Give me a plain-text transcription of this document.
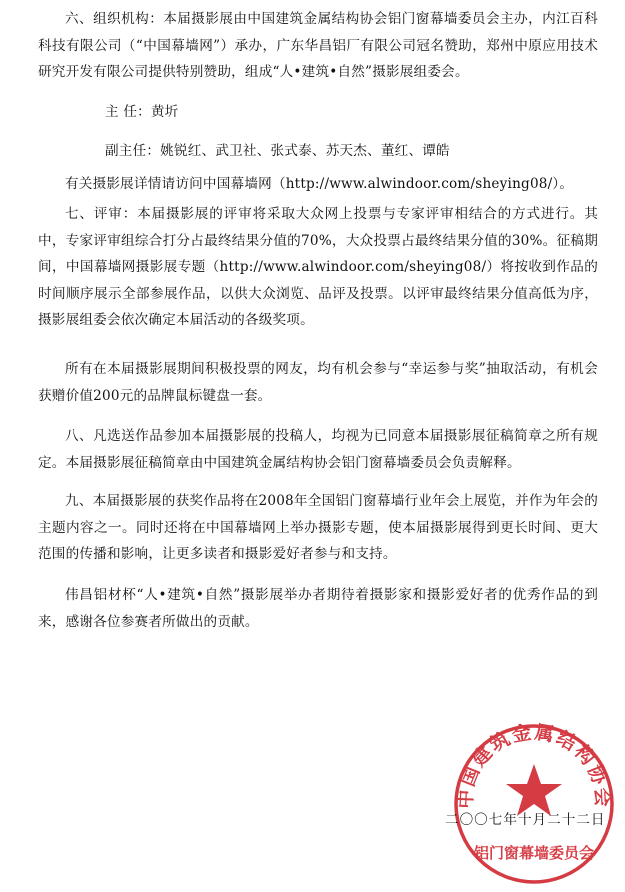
六、组织机构：本届摄影展由中国建筑金属结构协会铝门窗幕墙委员会主办，内江百科科技有限公司（“中国幕墙网”）承办，广东华昌铝厂有限公司冠名赞助，郑州中原应用技术研究开发有限公司提供特别赞助，组成“人•建筑•自然”摄影展组委会。

主 任：黄圻

副主任：姚锐红、武卫社、张式泰、苏天杰、董红、谭皓

有关摄影展详情请访问中国幕墙网（http://www.alwindoor.com/sheying08/）。

七、评审：本届摄影展的评审将采取大众网上投票与专家评审相结合的方式进行。其中，专家评审组综合打分占最终结果分值的70%，大众投票占最终结果分值的30%。征稿期间，中国幕墙网摄影展专题（http://www.alwindoor.com/sheying08/）将按收到作品的时间顺序展示全部参展作品，以供大众浏览、品评及投票。以评审最终结果分值高低为序，摄影展组委会依次确定本届活动的各级奖项。

所有在本届摄影展期间积极投票的网友，均有机会参与“幸运参与奖”抽取活动，有机会获赠价值200元的品牌鼠标键盘一套。

八、凡选送作品参加本届摄影展的投稿人，均视为已同意本届摄影展征稿简章之所有规定。本届摄影展征稿简章由中国建筑金属结构协会铝门窗幕墙委员会负责解释。

九、本届摄影展的获奖作品将在2008年全国铝门窗幕墙行业年会上展览，并作为年会的主题内容之一。同时还将在中国幕墙网上举办摄影专题，使本届摄影展得到更长时间、更大范围的传播和影响，让更多读者和摄影爱好者参与和支持。

伟昌铝材杯“人•建筑•自然”摄影展举办者期待着摄影家和摄影爱好者的优秀作品的到来，感谢各位参赛者所做出的贡献。

中国建筑金属结构协会
铝门窗幕墙委员会
二〇〇七年十月二十二日
